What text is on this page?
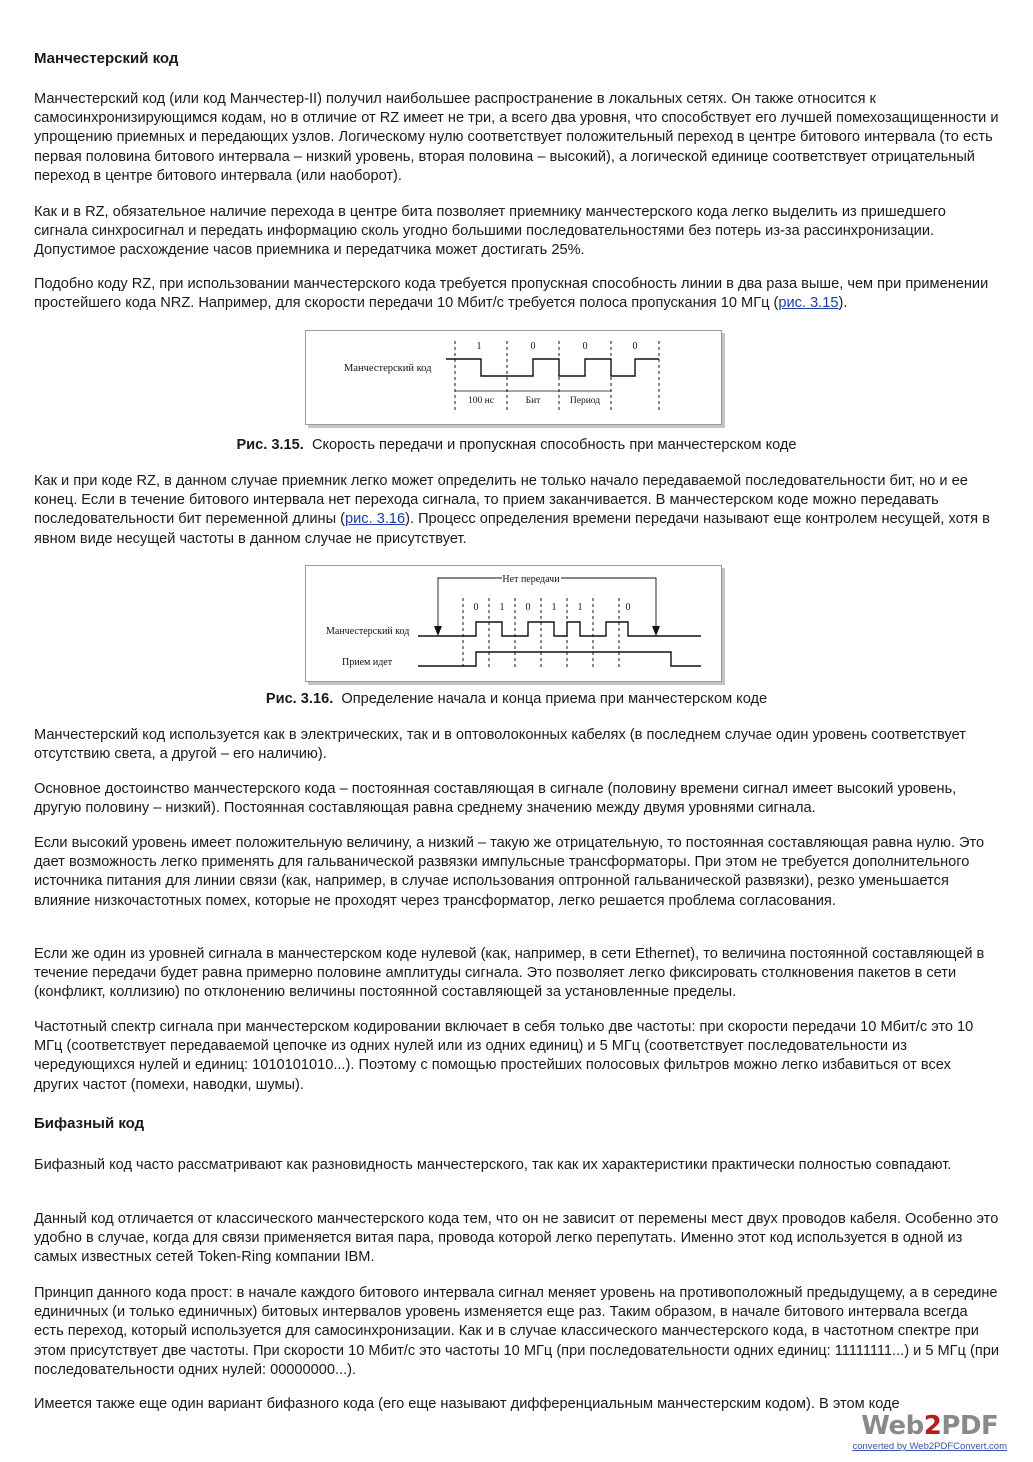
Манчестерский код

Манчестерский код (или код Манчестер-II) получил наибольшее распространение в локальных сетях. Он также относится к самосинхронизирующимся кодам, но в отличие от RZ имеет не три, а всего два уровня, что способствует его лучшей помехозащищенности и упрощению приемных и передающих узлов. Логическому нулю соответствует положительный переход в центре битового интервала (то есть первая половина битового интервала – низкий уровень, вторая половина – высокий), а логической единице соответствует отрицательный переход в центре битового интервала (или наоборот).

Как и в RZ, обязательное наличие перехода в центре бита позволяет приемнику манчестерского кода легко выделить из пришедшего сигнала синхросигнал и передать информацию сколь угодно большими последовательностями без потерь из-за рассинхронизации. Допустимое расхождение часов приемника и передатчика может достигать 25%.

Подобно коду RZ, при использовании манчестерского кода требуется пропускная способность линии в два раза выше, чем при применении простейшего кода NRZ. Например, для скорости передачи 10 Мбит/с требуется полоса пропускания 10 МГц (рис. 3.15).

Рис. 3.15. Скорость передачи и пропускная способность при манчестерском коде

Как и при коде RZ, в данном случае приемник легко может определить не только начало передаваемой последовательности бит, но и ее конец. Если в течение битового интервала нет перехода сигнала, то прием заканчивается. В манчестерском коде можно передавать последовательности бит переменной длины (рис. 3.16). Процесс определения времени передачи называют еще контролем несущей, хотя в явном виде несущей частоты в данном случае не присутствует.

Рис. 3.16. Определение начала и конца приема при манчестерском коде

Манчестерский код используется как в электрических, так и в оптоволоконных кабелях (в последнем случае один уровень соответствует отсутствию света, а другой – его наличию).

Основное достоинство манчестерского кода – постоянная составляющая в сигнале (половину времени сигнал имеет высокий уровень, другую половину – низкий). Постоянная составляющая равна среднему значению между двумя уровнями сигнала.

Если высокий уровень имеет положительную величину, а низкий – такую же отрицательную, то постоянная составляющая равна нулю. Это дает возможность легко применять для гальванической развязки импульсные трансформаторы. При этом не требуется дополнительного источника питания для линии связи (как, например, в случае использования оптронной гальванической развязки), резко уменьшается влияние низкочастотных помех, которые не проходят через трансформатор, легко решается проблема согласования.

Если же один из уровней сигнала в манчестерском коде нулевой (как, например, в сети Ethernet), то величина постоянной составляющей в течение передачи будет равна примерно половине амплитуды сигнала. Это позволяет легко фиксировать столкновения пакетов в сети (конфликт, коллизию) по отклонению величины постоянной составляющей за установленные пределы.

Частотный спектр сигнала при манчестерском кодировании включает в себя только две частоты: при скорости передачи 10 Мбит/с это 10 МГц (соответствует передаваемой цепочке из одних нулей или из одних единиц) и 5 МГц (соответствует последовательности из чередующихся нулей и единиц: 1010101010...). Поэтому с помощью простейших полосовых фильтров можно легко избавиться от всех других частот (помехи, наводки, шумы).

Бифазный код

Бифазный код часто рассматривают как разновидность манчестерского, так как их характеристики практически полностью совпадают.

Данный код отличается от классического манчестерского кода тем, что он не зависит от перемены мест двух проводов кабеля. Особенно это удобно в случае, когда для связи применяется витая пара, провода которой легко перепутать. Именно этот код используется в одной из самых известных сетей Token-Ring компании IBM.

Принцип данного кода прост: в начале каждого битового интервала сигнал меняет уровень на противоположный предыдущему, а в середине единичных (и только единичных) битовых интервалов уровень изменяется еще раз. Таким образом, в начале битового интервала всегда есть переход, который используется для самосинхронизации. Как и в случае классического манчестерского кода, в частотном спектре при этом присутствует две частоты. При скорости 10 Мбит/с это частоты 10 МГц (при последовательности одних единиц: 11111111...) и 5 МГц (при последовательности одних нулей: 00000000...).

Имеется также еще один вариант бифазного кода (его еще называют дифференциальным манчестерским кодом). В этом коде

Манчестерский код
1	0	0	0
100 нс	Бит	Период
Нет передачи
0 1 0 1 1	0
Манчестерский код
Прием идет
Web2PDF
converted by Web2PDFConvert.com
